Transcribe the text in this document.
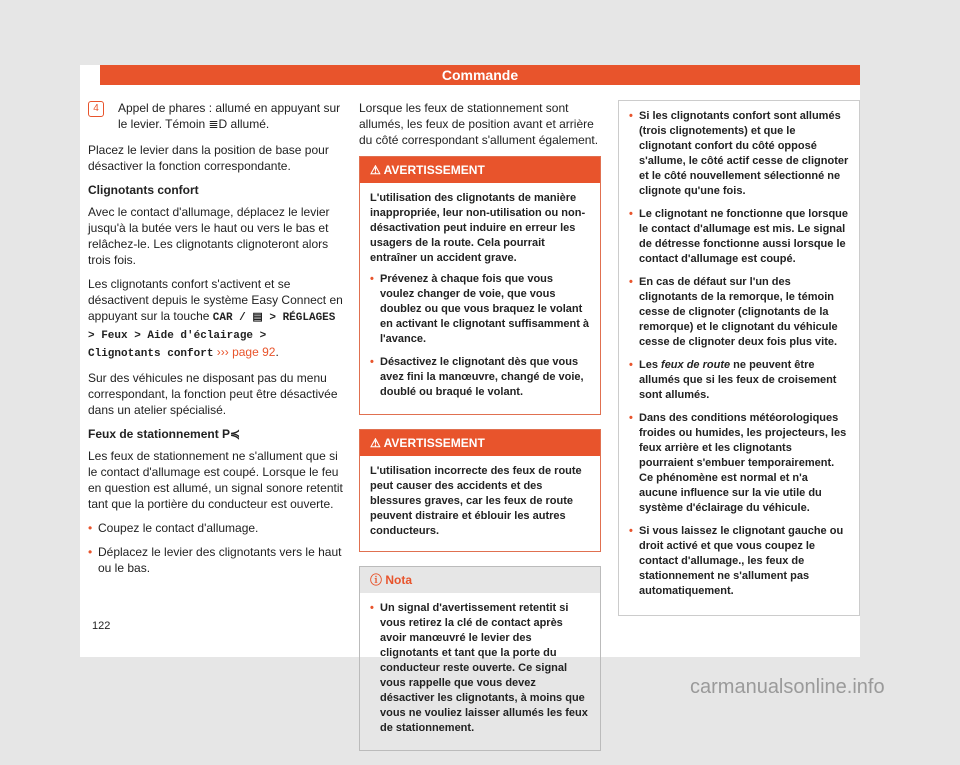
Commande
4	Appel de phares : allumé en appuyant sur le levier. Témoin ≣D allumé.

Placez le levier dans la position de base pour désactiver la fonction correspondante.

Clignotants confort

Avec le contact d'allumage, déplacez le levier jusqu'à la butée vers le haut ou vers le bas et relâchez-le. Les clignotants clignoteront alors trois fois.

Les clignotants confort s'activent et se désactivent depuis le système Easy Connect en appuyant sur la touche CAR / ▤ > RÉGLAGES > Feux > Aide d'éclairage > Clignotants confort ››› page 92.

Sur des véhicules ne disposant pas du menu correspondant, la fonction peut être désactivée dans un atelier spécialisé.

Feux de stationnement P≼

Les feux de stationnement ne s'allument que si le contact d'allumage est coupé. Lorsque le feu en question est allumé, un signal sonore retentit tant que la portière du conducteur est ouverte.

• Coupez le contact d'allumage.
• Déplacez le levier des clignotants vers le haut ou le bas.

Lorsque les feux de stationnement sont allumés, les feux de position avant et arrière du côté correspondant s'allument également.

⚠ AVERTISSEMENT

L'utilisation des clignotants de manière inappropriée, leur non-utilisation ou non-désactivation peut induire en erreur les usagers de la route. Cela pourrait entraîner un accident grave.

• Prévenez à chaque fois que vous voulez changer de voie, que vous doublez ou que vous braquez le volant en activant le clignotant suffisamment à l'avance.
• Désactivez le clignotant dès que vous avez fini la manœuvre, changé de voie, doublé ou braqué le volant.
⚠ AVERTISSEMENT

L'utilisation incorrecte des feux de route peut causer des accidents et des blessures graves, car les feux de route peuvent distraire et éblouir les autres conducteurs.

ⓘ Nota
• Un signal d'avertissement retentit si vous retirez la clé de contact après avoir manœuvré le levier des clignotants et tant que la porte du conducteur reste ouverte. Ce signal vous rappelle que vous devez désactiver les clignotants, à moins que vous ne vouliez laisser allumés les feux de stationnement.
• Si les clignotants confort sont allumés (trois clignotements) et que le clignotant confort du côté opposé s'allume, le côté actif cesse de clignoter et le côté nouvellement sélectionné ne clignote qu'une fois.
• Le clignotant ne fonctionne que lorsque le contact d'allumage est mis. Le signal de détresse fonctionne aussi lorsque le contact d'allumage est coupé.
• En cas de défaut sur l'un des clignotants de la remorque, le témoin cesse de clignoter (clignotants de la remorque) et le clignotant du véhicule cesse de clignoter deux fois plus vite.
• Les feux de route ne peuvent être allumés que si les feux de croisement sont allumés.
• Dans des conditions météorologiques froides ou humides, les projecteurs, les feux arrière et les clignotants pourraient s'embuer temporairement. Ce phénomène est normal et n'a aucune influence sur la vie utile du système d'éclairage du véhicule.
• Si vous laissez le clignotant gauche ou droit activé et que vous coupez le contact d'allumage., les feux de stationnement ne s'allument pas automatiquement.
122
carmanualsonline.info
